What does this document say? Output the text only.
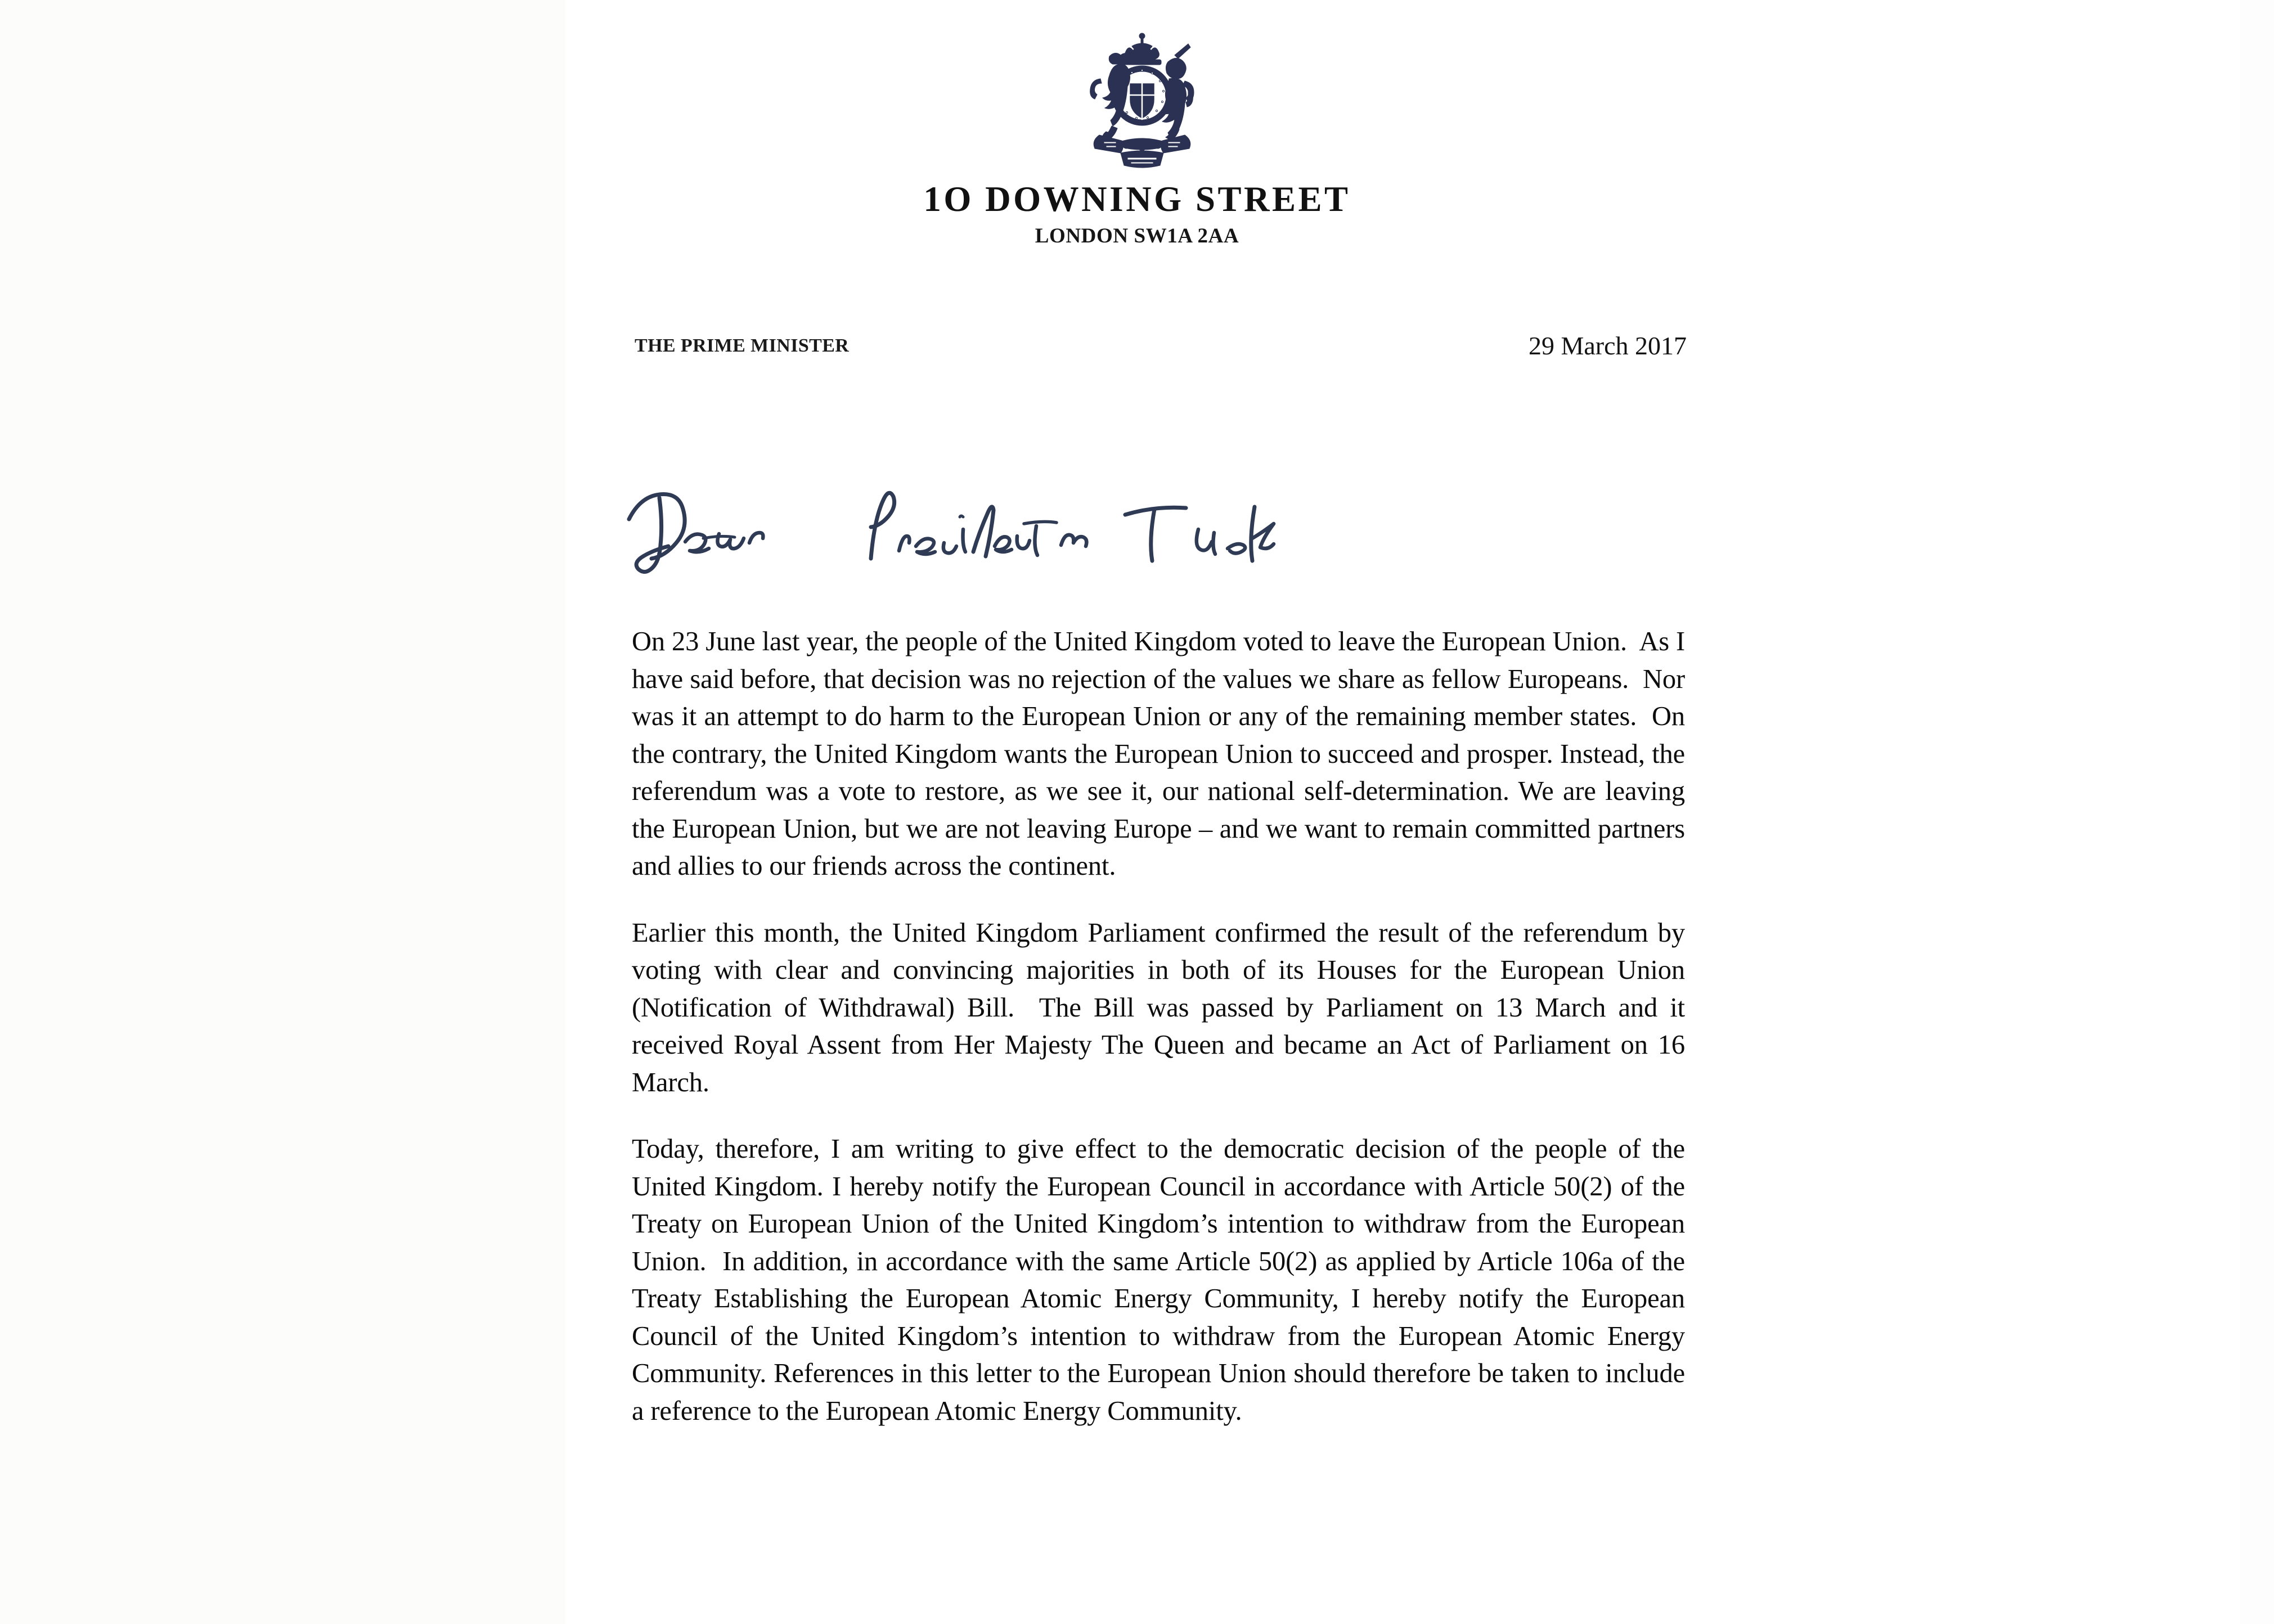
1O DOWNING STREET
LONDON SW1A 2AA
THE PRIME MINISTER	29 March 2017

On 23 June last year, the people of the United Kingdom voted to leave the European Union.  As I have said before, that decision was no rejection of the values we share as fellow Europeans.  Nor was it an attempt to do harm to the European Union or any of the remaining member states.  On the contrary, the United Kingdom wants the European Union to succeed and prosper. Instead, the referendum was a vote to restore, as we see it, our national self-determination. We are leaving the European Union, but we are not leaving Europe – and we want to remain committed partners and allies to our friends across the continent.

Earlier this month, the United Kingdom Parliament confirmed the result of the referendum by voting with clear and convincing majorities in both of its Houses for the European Union (Notification of Withdrawal) Bill.  The Bill was passed by Parliament on 13 March and it received Royal Assent from Her Majesty The Queen and became an Act of Parliament on 16 March.

Today, therefore, I am writing to give effect to the democratic decision of the people of the United Kingdom. I hereby notify the European Council in accordance with Article 50(2) of the Treaty on European Union of the United Kingdom’s intention to withdraw from the European Union.  In addition, in accordance with the same Article 50(2) as applied by Article 106a of the Treaty Establishing the European Atomic Energy Community, I hereby notify the European Council of the United Kingdom’s intention to withdraw from the European Atomic Energy Community. References in this letter to the European Union should therefore be taken to include a reference to the European Atomic Energy Community.
